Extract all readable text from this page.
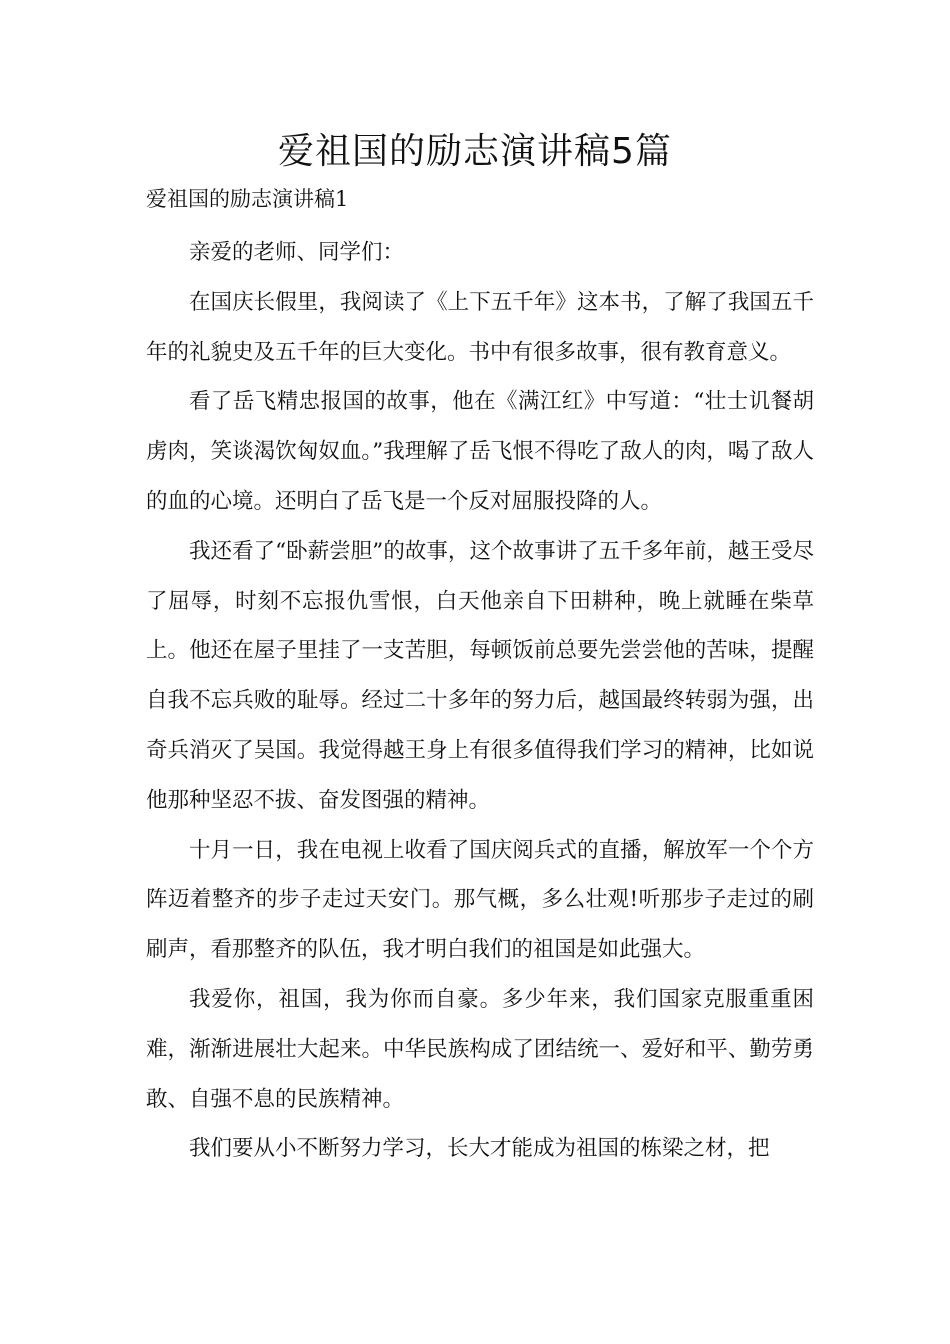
爱祖国的励志演讲稿5篇
爱祖国的励志演讲稿1

亲爱的老师、同学们：

在国庆长假里，我阅读了《上下五千年》这本书，了解了我国五千年的礼貌史及五千年的巨大变化。书中有很多故事，很有教育意义。

看了岳飞精忠报国的故事，他在《满江红》中写道：“壮士讥餐胡虏肉，笑谈渴饮匈奴血。”我理解了岳飞恨不得吃了敌人的肉，喝了敌人的血的心境。还明白了岳飞是一个反对屈服投降的人。

我还看了“卧薪尝胆”的故事，这个故事讲了五千多年前，越王受尽了屈辱，时刻不忘报仇雪恨，白天他亲自下田耕种，晚上就睡在柴草上。他还在屋子里挂了一支苦胆，每顿饭前总要先尝尝他的苦味，提醒自我不忘兵败的耻辱。经过二十多年的努力后，越国最终转弱为强，出奇兵消灭了吴国。我觉得越王身上有很多值得我们学习的精神，比如说他那种坚忍不拔、奋发图强的精神。

十月一日，我在电视上收看了国庆阅兵式的直播，解放军一个个方阵迈着整齐的步子走过天安门。那气概，多么壮观!听那步子走过的刷刷声，看那整齐的队伍，我才明白我们的祖国是如此强大。

我爱你，祖国，我为你而自豪。多少年来，我们国家克服重重困难，渐渐进展壮大起来。中华民族构成了团结统一、爱好和平、勤劳勇敢、自强不息的民族精神。

我们要从小不断努力学习，长大才能成为祖国的栋梁之材，把
